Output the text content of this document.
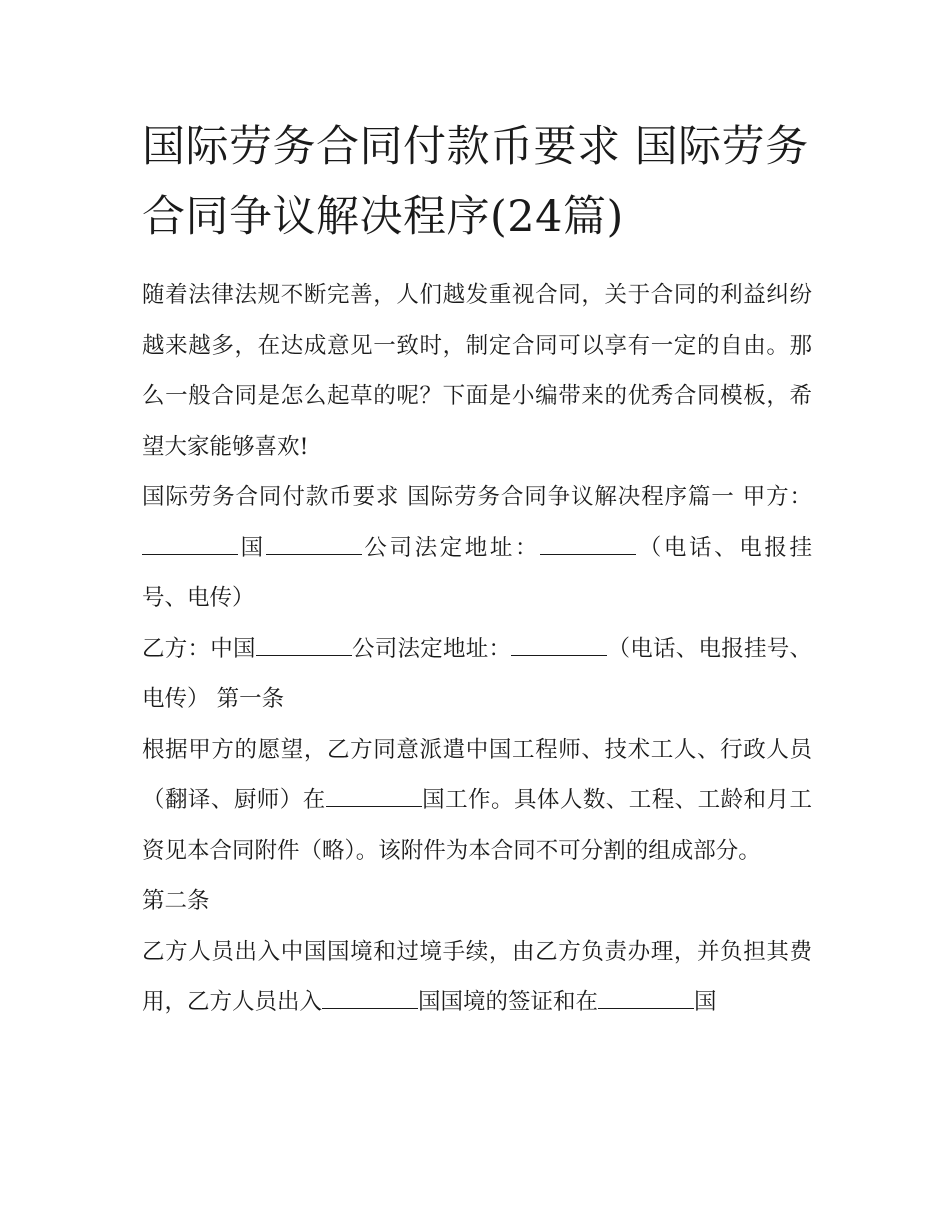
国际劳务合同付款币要求 国际劳务合同争议解决程序(24篇)

随着法律法规不断完善，人们越发重视合同，关于合同的利益纠纷越来越多，在达成意见一致时，制定合同可以享有一定的自由。那么一般合同是怎么起草的呢？下面是小编带来的优秀合同模板，希望大家能够喜欢!

国际劳务合同付款币要求 国际劳务合同争议解决程序篇一 甲方：国	公司法定地址：	（电话、电报挂号、电传）

乙方：中国	公司法定地址：	（电话、电报挂号、电传） 第一条

根据甲方的愿望，乙方同意派遣中国工程师、技术工人、行政人员（翻译、厨师）在	国工作。具体人数、工程、工龄和月工资见本合同附件（略）。该附件为本合同不可分割的组成部分。

第二条

乙方人员出入中国国境和过境手续，由乙方负责办理，并负担其费用，乙方人员出入	国国境的签证和在	国
